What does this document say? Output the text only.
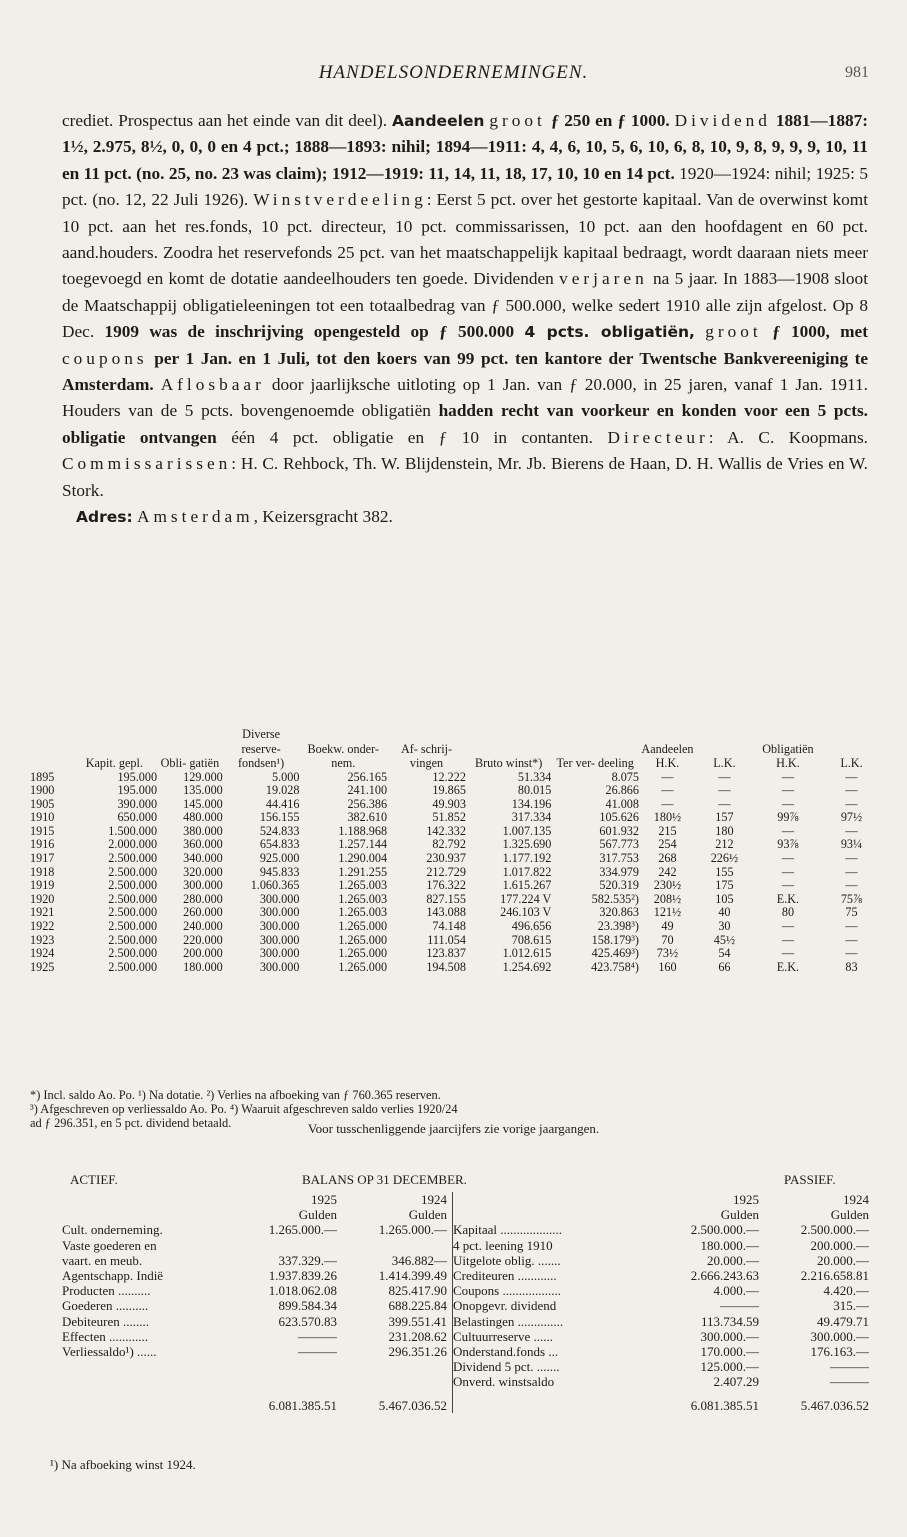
HANDELSONDERNEMINGEN.	981

crediet. Prospectus aan het einde van dit deel). Aandeelen groot ƒ 250 en ƒ 1000. Dividend 1881—1887: 1½, 2.975, 8½, 0, 0, 0 en 4 pct.; 1888—1893: nihil; 1894—1911: 4, 4, 6, 10, 5, 6, 10, 6, 8, 10, 9, 8, 9, 9, 9, 10, 11 en 11 pct. (no. 25, no. 23 was claim); 1912—1919: 11, 14, 11, 18, 17, 10, 10 en 14 pct. 1920—1924: nihil; 1925: 5 pct. (no. 12, 22 Juli 1926). Winstverdeeling: Eerst 5 pct. over het gestorte kapitaal. Van de overwinst komt 10 pct. aan het res.fonds, 10 pct. directeur, 10 pct. commissarissen, 10 pct. aan den hoofdagent en 60 pct. aand.houders. Zoodra het reservefonds 25 pct. van het maatschappelijk kapitaal bedraagt, wordt daaraan niets meer toegevoegd en komt de dotatie aandeelhouders ten goede. Dividenden verjaren na 5 jaar. In 1883—1908 sloot de Maatschappij obligatieleeningen tot een totaalbedrag van ƒ 500.000, welke sedert 1910 alle zijn afgelost. Op 8 Dec. 1909 was de inschrijving opengesteld op ƒ 500.000 4 pcts. obligatiën, groot ƒ 1000, met coupons per 1 Jan. en 1 Juli, tot den koers van 99 pct. ten kantore der Twentsche Bankvereeniging te Amsterdam. Aflosbaar door jaarlijksche uitloting op 1 Jan. van ƒ 20.000, in 25 jaren, vanaf 1 Jan. 1911. Houders van de 5 pcts. bovengenoemde obligatiën hadden recht van voorkeur en konden voor een 5 pcts. obligatie ontvangen één 4 pct. obligatie en ƒ 10 in contanten. Directeur: A. C. Koopmans. Commissarissen: H. C. Rehbock, Th. W. Blijdenstein, Mr. Jb. Bierens de Haan, D. H. Wallis de Vries en W. Stork.

Adres: Amsterdam, Keizersgracht 382.

	Kapit. gepl.	Obli- gatiën	Diverse reserve- fondsen¹)	Boekw. onder- nem.	Af- schrij- vingen	Bruto winst*)	Ter ver- deeling	Aandeelen H.K.	L.K.	Obligatiën H.K.	L.K.
1895	195.000	129.000	5.000	256.165	12.222	51.334	8.075	—	—	—	—
1900	195.000	135.000	19.028	241.100	19.865	80.015	26.866	—	—	—	—
1905	390.000	145.000	44.416	256.386	49.903	134.196	41.008	—	—	—	—
1910	650.000	480.000	156.155	382.610	51.852	317.334	105.626	180½	157	99⅞	97½
1915	1.500.000	380.000	524.833	1.188.968	142.332	1.007.135	601.932	215	180	—	—
1916	2.000.000	360.000	654.833	1.257.144	82.792	1.325.690	567.773	254	212	93⅞	93¼
1917	2.500.000	340.000	925.000	1.290.004	230.937	1.177.192	317.753	268	226½	—	—
1918	2.500.000	320.000	945.833	1.291.255	212.729	1.017.822	334.979	242	155	—	—
1919	2.500.000	300.000	1.060.365	1.265.003	176.322	1.615.267	520.319	230½	175	—	—
1920	2.500.000	280.000	300.000	1.265.003	827.155	177.224 V	582.535²)	208½	105	E.K.	75⅞
1921	2.500.000	260.000	300.000	1.265.003	143.088	246.103 V	320.863	121½	40	80	75
1922	2.500.000	240.000	300.000	1.265.000	74.148	496.656	23.398³)	49	30	—	—
1923	2.500.000	220.000	300.000	1.265.000	111.054	708.615	158.179³)	70	45½	—	—
1924	2.500.000	200.000	300.000	1.265.000	123.837	1.012.615	425.469³)	73½	54	—	—
1925	2.500.000	180.000	300.000	1.265.000	194.508	1.254.692	423.758⁴)	160	66	E.K.	83

*) Incl. saldo Ao. Po. ¹) Na dotatie. ²) Verlies na afboeking van ƒ 760.365 reserven.

³) Afgeschreven op verliessaldo Ao. Po. ⁴) Waaruit afgeschreven saldo verlies 1920/24

ad ƒ 296.351, en 5 pct. dividend betaald.	Voor tusschenliggende jaarcijfers zie vorige jaargangen.
ACTIEF.	BALANS OP 31 DECEMBER.	PASSIEF.
	1925	1924
	Gulden	Gulden
Cult. onderneming.	1.265.000.—	1.265.000.—
Vaste goederen en		
vaart. en meub.	337.329.—	346.882—
Agentschapp. Indië	1.937.839.26	1.414.399.49
Producten ..........	1.018.062.08	825.417.90
Goederen ..........	899.584.34	688.225.84
Debiteuren ........	623.570.83	399.551.41
Effecten ............	———	231.208.62
Verliessaldo¹) ......	———	296.351.26

	6.081.385.51	5.467.036.52
	1925	1924
	Gulden	Gulden
Kapitaal ...................	2.500.000.—	2.500.000.—
4 pct. leening 1910	180.000.—	200.000.—
Uitgelote oblig. .......	20.000.—	20.000.—
Crediteuren ............	2.666.243.63	2.216.658.81
Coupons ..................	4.000.—	4.420.—
Onopgevr. dividend	———	315.—
Belastingen ..............	113.734.59	49.479.71
Cultuurreserve ......	300.000.—	300.000.—
Onderstand.fonds ...	170.000.—	176.163.—
Dividend 5 pct. .......	125.000.—	———
Onverd. winstsaldo	2.407.29	———
	6.081.385.51	5.467.036.52
¹) Na afboeking winst 1924.
